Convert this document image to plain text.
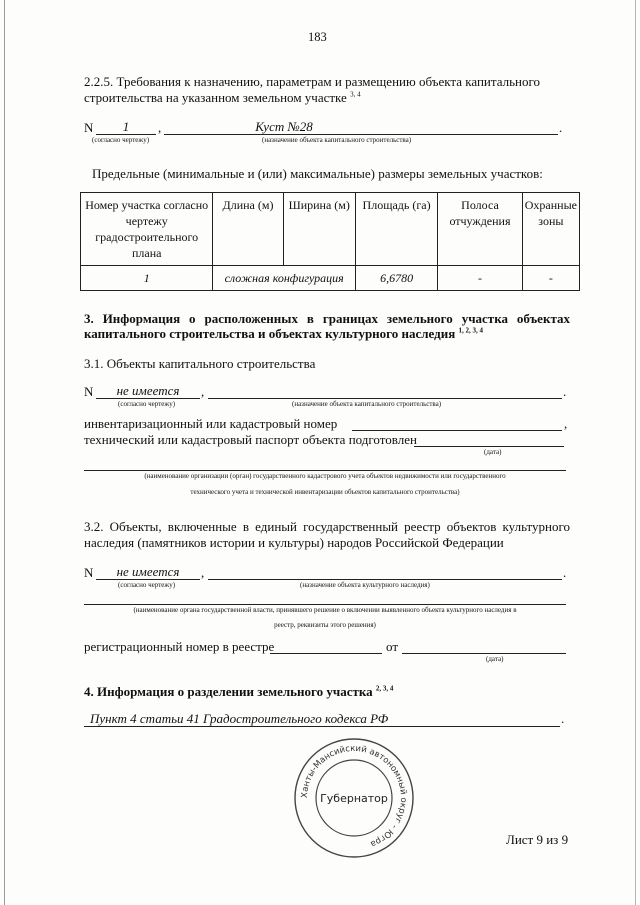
183
2.2.5. Требования к назначению, параметрам и размещению объекта капитального
строительства на указанном земельном участке $^{3, 4}$
N	1	,	Куст №28	.
(согласно чертежу)	(назначение объекта капитального строительства)
Предельные (минимальные и (или) максимальные) размеры земельных участков:
Номер участка согласно чертежу градостроительного плана	Длина (м)	Ширина (м)	Площадь (га)	Полоса отчуждения	Охранные зоны
1	сложная конфигурация		6,6780	-	-
3. Информация о расположенных в границах земельного участка объектах
капитального строительства и объектах культурного наследия $^{1, 2, 3, 4}$
3.1. Объекты капитального строительства
N	не имеется	,	.
(согласно чертежу)	(назначение объекта капитального строительства)
инвентаризационный или кадастровый номер	,
технический или кадастровый паспорт объекта подготовлен
(дата)
(наименование организации (орган) государственного кадастрового учета объектов недвижимости или государственного
технического учета и технической инвентаризации объектов капитального строительства)
3.2. Объекты, включенные в единый государственный реестр объектов культурного
наследия (памятников истории и культуры) народов Российской Федерации
N	не имеется	,	.
(согласно чертежу)	(назначение объекта культурного наследия)
(наименование органа государственной власти, принявшего решение о включении выявленного объекта культурного наследия в
реестр, реквизиты этого решения)
регистрационный номер в реестре	от
(дата)
4. Информация о разделении земельного участка $^{2, 3, 4}$
Пункт 4 статьи 41 Градостроительного кодекса РФ	.
Ханты-Мансийский автономный округ - Югра
Губернатор
Лист 9 из 9
